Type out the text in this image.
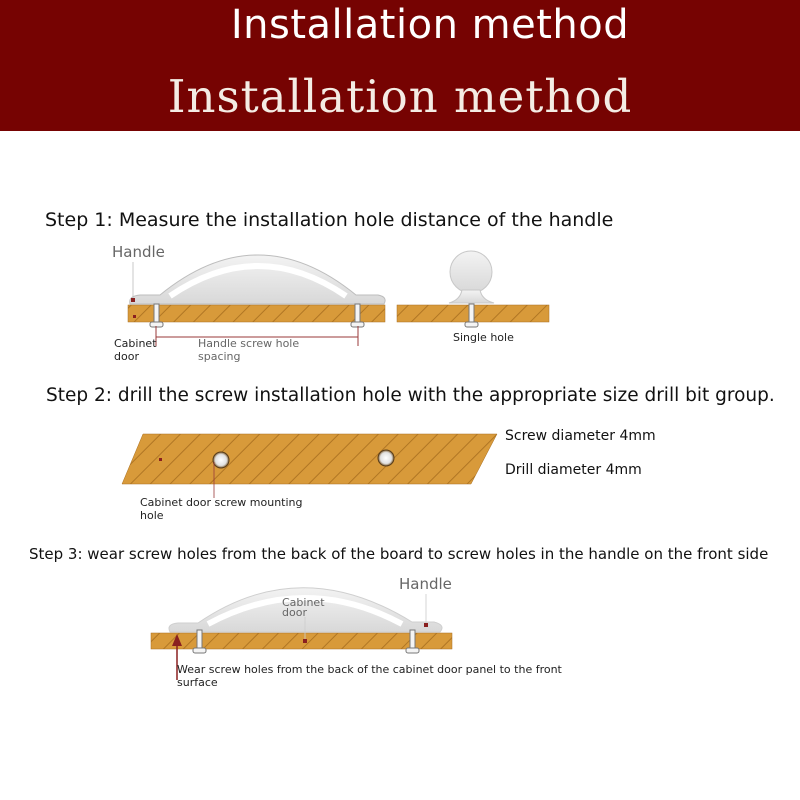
Installation method
Installation method
Step 1: Measure the installation hole distance of the handle
Handle
Cabinet
door
Handle screw hole
spacing
Single hole
Step 2: drill the screw installation hole with the appropriate size drill bit group.
Screw diameter 4mm
Drill diameter 4mm
Cabinet door screw mounting
hole
Step 3: wear screw holes from the back of the board to screw holes in the handle on the front side
Handle
Cabinet
door
Wear screw holes from the back of the cabinet door panel to the front
surface
